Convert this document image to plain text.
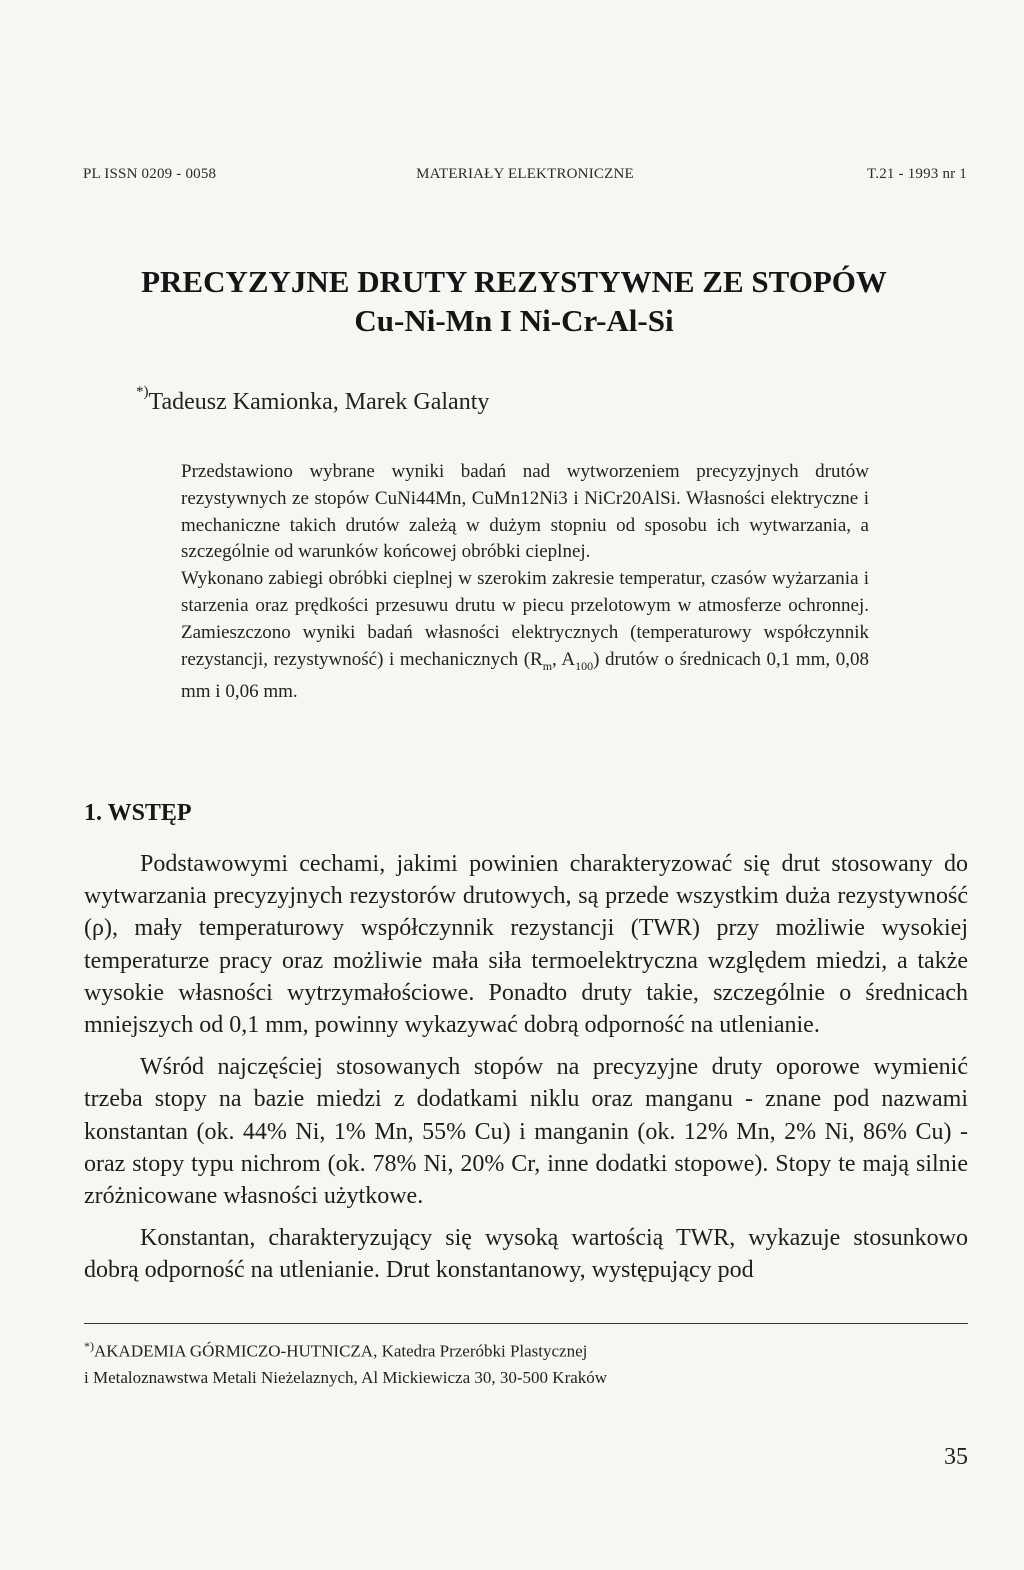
PL ISSN 0209 - 0058	MATERIAŁY ELEKTRONICZNE	T.21 - 1993 nr 1
PRECYZYJNE DRUTY REZYSTYWNE ZE STOPÓW
Cu-Ni-Mn I Ni-Cr-Al-Si
*)Tadeusz Kamionka, Marek Galanty

Przedstawiono wybrane wyniki badań nad wytworzeniem precyzyjnych drutów rezystywnych ze stopów CuNi44Mn, CuMn12Ni3 i NiCr20AlSi. Własności elektryczne i mechaniczne takich drutów zależą w dużym stopniu od sposobu ich wytwarzania, a szczególnie od warunków końcowej obróbki cieplnej.

Wykonano zabiegi obróbki cieplnej w szerokim zakresie temperatur, czasów wyżarzania i starzenia oraz prędkości przesuwu drutu w piecu przelotowym w atmosferze ochronnej. Zamieszczono wyniki badań własności elektrycznych (temperaturowy współczynnik rezystancji, rezystywność) i mechanicznych ($R_m$, $A_{100}$) drutów o średnicach 0,1 mm, 0,08 mm i 0,06 mm.

1. WSTĘP

Podstawowymi cechami, jakimi powinien charakteryzować się drut stosowany do wytwarzania precyzyjnych rezystorów drutowych, są przede wszystkim duża rezystywność (ρ), mały temperaturowy współczynnik rezystancji (TWR) przy możliwie wysokiej temperaturze pracy oraz możliwie mała siła termoelektryczna względem miedzi, a także wysokie własności wytrzymałościowe. Ponadto druty takie, szczególnie o średnicach mniejszych od 0,1 mm, powinny wykazywać dobrą odporność na utlenianie.

Wśród najczęściej stosowanych stopów na precyzyjne druty oporowe wymienić trzeba stopy na bazie miedzi z dodatkami niklu oraz manganu - znane pod nazwami konstantan (ok. 44% Ni, 1% Mn, 55% Cu) i manganin (ok. 12% Mn, 2% Ni, 86% Cu) - oraz stopy typu nichrom (ok. 78% Ni, 20% Cr, inne dodatki stopowe). Stopy te mają silnie zróżnicowane własności użytkowe.

Konstantan, charakteryzujący się wysoką wartością TWR, wykazuje stosunkowo dobrą odporność na utlenianie. Drut konstantanowy, występujący pod

*)AKADEMIA GÓRMICZO-HUTNICZA, Katedra Przeróbki Plastycznej
i Metaloznawstwa Metali Nieżelaznych, Al Mickiewicza 30, 30-500 Kraków
35
